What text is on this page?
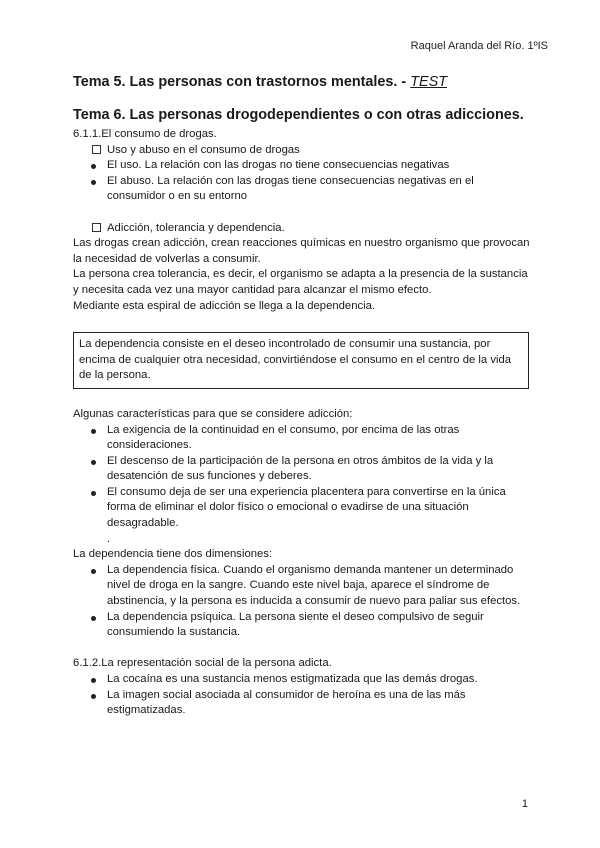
Raquel Aranda del Río. 1ºIS
Tema 5. Las personas con trastornos mentales. - TEST
Tema 6. Las personas drogodependientes o con otras adicciones.

6.1.1.El consumo de drogas.

Uso y abuso en el consumo de drogas
El uso. La relación con las drogas no tiene consecuencias negativas
El abuso. La relación con las drogas tiene consecuencias negativas en el consumidor o en su entorno
Adicción, tolerancia y dependencia.

Las drogas crean adicción, crean reacciones químicas en nuestro organismo que provocan la necesidad de volverlas a consumir.

La persona crea tolerancia, es decir, el organismo se adapta a la presencia de la sustancia y necesita cada vez una mayor cantidad para alcanzar el mismo efecto.

Mediante esta espiral de adicción se llega a la dependencia.

La dependencia consiste en el deseo incontrolado de consumir una sustancia, por encima de cualquier otra necesidad, convirtiéndose el consumo en el centro de la vida de la persona.

Algunas características para que se considere adicción:

La exigencia de la continuidad en el consumo, por encima de las otras consideraciones.
El descenso de la participación de la persona en otros ámbitos de la vida y la desatención de sus funciones y deberes.
El consumo deja de ser una experiencia placentera para convertirse en la única forma de eliminar el dolor físico o emocional o evadirse de una situación desagradable.
.

La dependencia tiene dos dimensiones:

La dependencia física. Cuando el organismo demanda mantener un determinado nivel de droga en la sangre. Cuando este nivel baja, aparece el síndrome de abstinencia, y la persona es inducida a consumir de nuevo para paliar sus efectos.
La dependencia psíquica. La persona siente el deseo compulsivo de seguir consumiendo la sustancia.

6.1.2.La representación social de la persona adicta.

La cocaína es una sustancia menos estigmatizada que las demás drogas.
La imagen social asociada al consumidor de heroína es una de las más estigmatizadas.
1
